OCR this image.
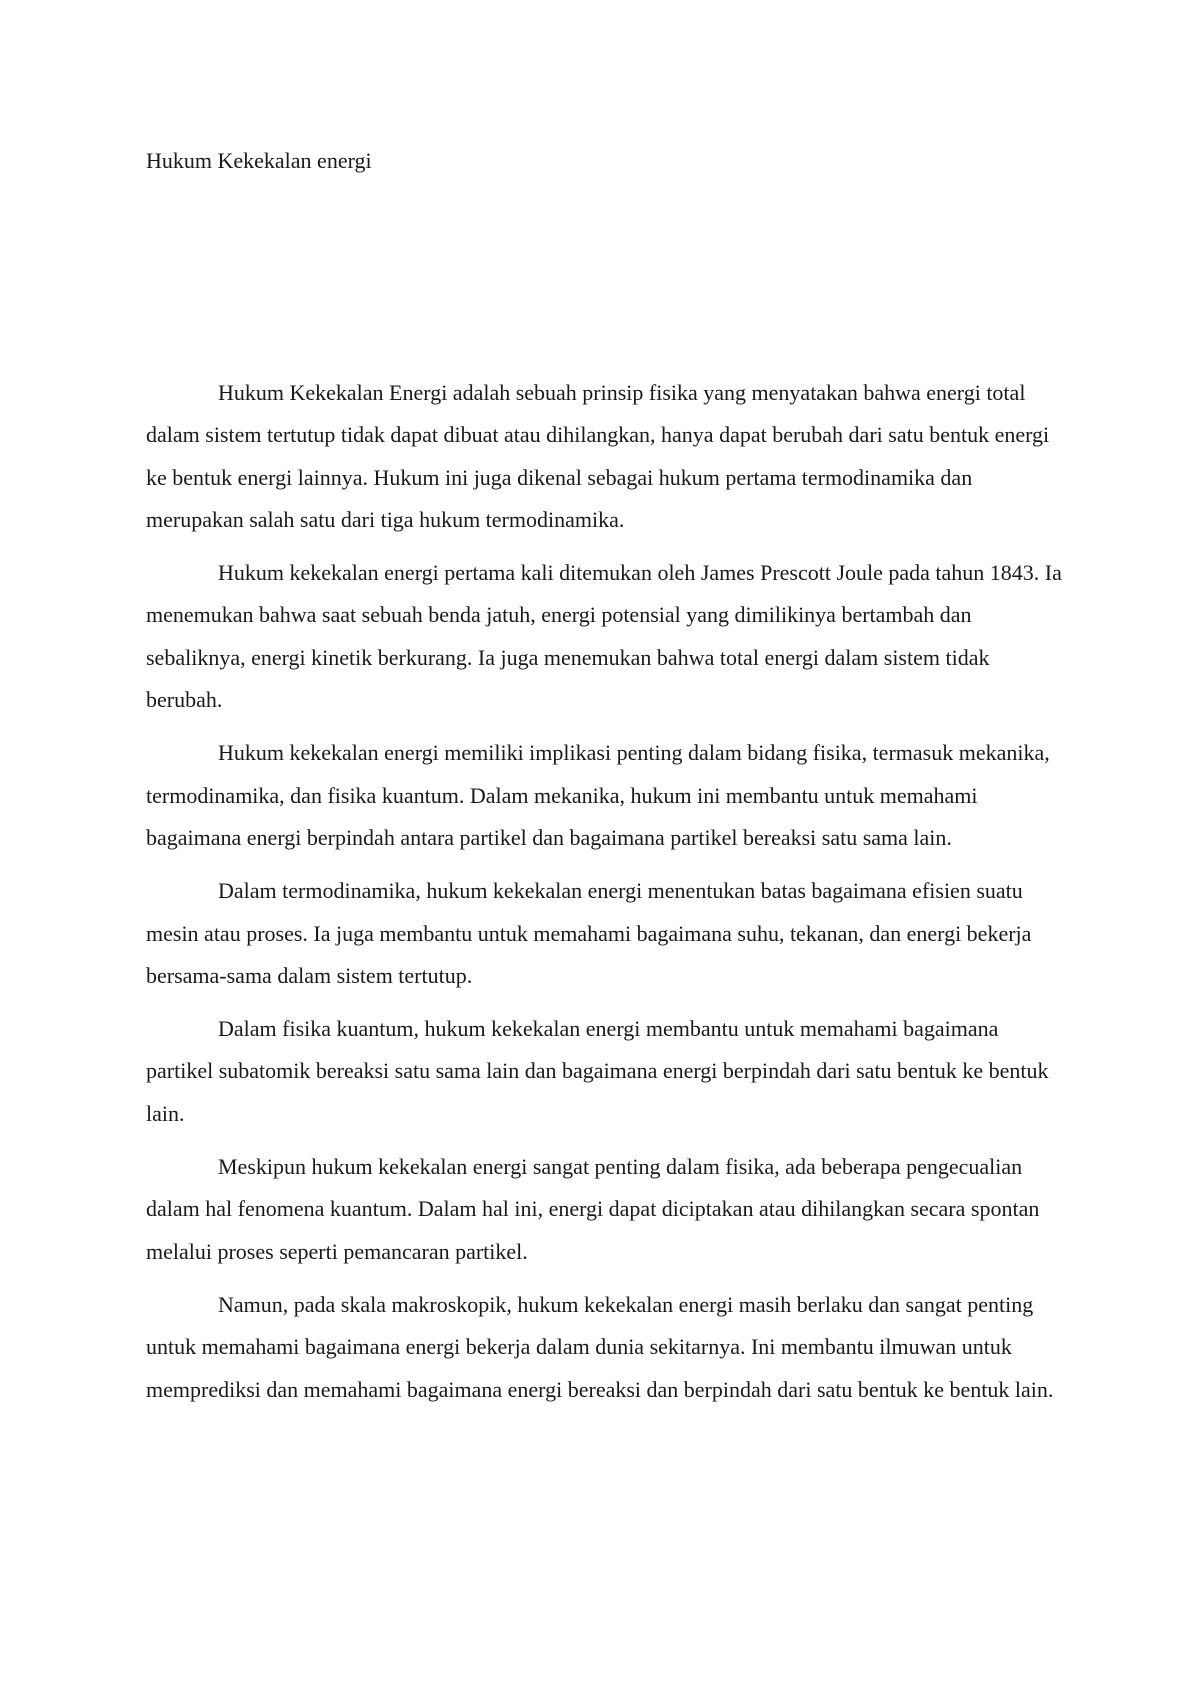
Hukum Kekekalan energi

Hukum Kekekalan Energi adalah sebuah prinsip fisika yang menyatakan bahwa energi total dalam sistem tertutup tidak dapat dibuat atau dihilangkan, hanya dapat berubah dari satu bentuk energi ke bentuk energi lainnya. Hukum ini juga dikenal sebagai hukum pertama termodinamika dan merupakan salah satu dari tiga hukum termodinamika.

Hukum kekekalan energi pertama kali ditemukan oleh James Prescott Joule pada tahun 1843. Ia menemukan bahwa saat sebuah benda jatuh, energi potensial yang dimilikinya bertambah dan sebaliknya, energi kinetik berkurang. Ia juga menemukan bahwa total energi dalam sistem tidak berubah.

Hukum kekekalan energi memiliki implikasi penting dalam bidang fisika, termasuk mekanika, termodinamika, dan fisika kuantum. Dalam mekanika, hukum ini membantu untuk memahami bagaimana energi berpindah antara partikel dan bagaimana partikel bereaksi satu sama lain.

Dalam termodinamika, hukum kekekalan energi menentukan batas bagaimana efisien suatu mesin atau proses. Ia juga membantu untuk memahami bagaimana suhu, tekanan, dan energi bekerja bersama-sama dalam sistem tertutup.

Dalam fisika kuantum, hukum kekekalan energi membantu untuk memahami bagaimana partikel subatomik bereaksi satu sama lain dan bagaimana energi berpindah dari satu bentuk ke bentuk lain.

Meskipun hukum kekekalan energi sangat penting dalam fisika, ada beberapa pengecualian dalam hal fenomena kuantum. Dalam hal ini, energi dapat diciptakan atau dihilangkan secara spontan melalui proses seperti pemancaran partikel.

Namun, pada skala makroskopik, hukum kekekalan energi masih berlaku dan sangat penting untuk memahami bagaimana energi bekerja dalam dunia sekitarnya. Ini membantu ilmuwan untuk memprediksi dan memahami bagaimana energi bereaksi dan berpindah dari satu bentuk ke bentuk lain.
